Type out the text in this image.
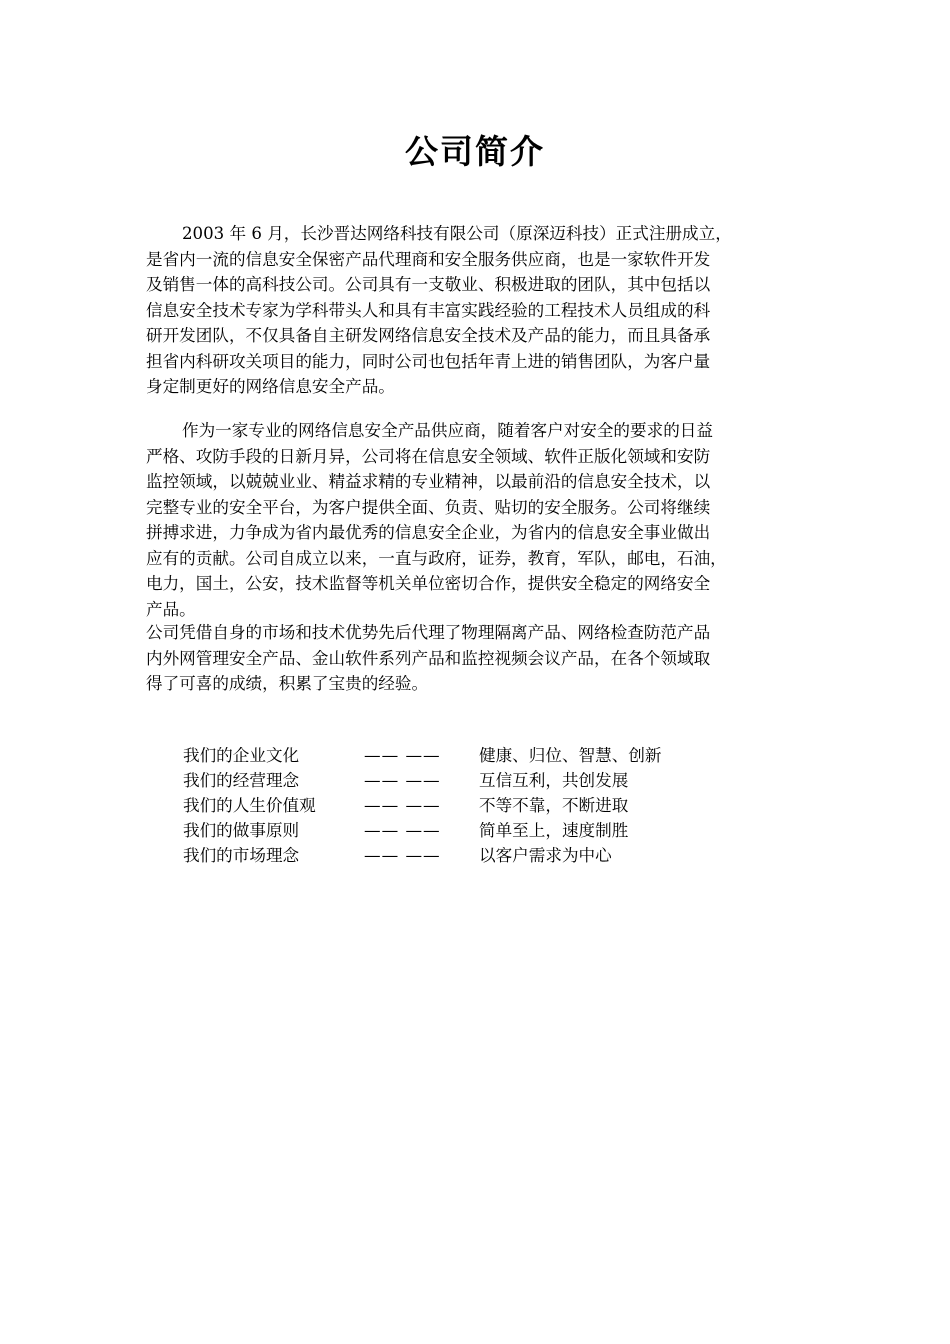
公司简介
2003 年 6 月，长沙晋达网络科技有限公司（原深迈科技）正式注册成立，
是省内一流的信息安全保密产品代理商和安全服务供应商，也是一家软件开发
及销售一体的高科技公司。公司具有一支敬业、积极进取的团队，其中包括以
信息安全技术专家为学科带头人和具有丰富实践经验的工程技术人员组成的科
研开发团队，不仅具备自主研发网络信息安全技术及产品的能力，而且具备承
担省内科研攻关项目的能力，同时公司也包括年青上进的销售团队，为客户量
身定制更好的网络信息安全产品。
作为一家专业的网络信息安全产品供应商，随着客户对安全的要求的日益
严格、攻防手段的日新月异，公司将在信息安全领域、软件正版化领域和安防
监控领域，以兢兢业业、精益求精的专业精神，以最前沿的信息安全技术，以
完整专业的安全平台，为客户提供全面、负责、贴切的安全服务。公司将继续
拼搏求进，力争成为省内最优秀的信息安全企业，为省内的信息安全事业做出
应有的贡献。公司自成立以来，一直与政府，证券，教育，军队，邮电，石油，
电力，国土，公安，技术监督等机关单位密切合作，提供安全稳定的网络安全
产品。
公司凭借自身的市场和技术优势先后代理了物理隔离产品、网络检查防范产品
内外网管理安全产品、金山软件系列产品和监控视频会议产品，在各个领域取
得了可喜的成绩，积累了宝贵的经验。
我们的企业文化	—— —— 健康、归位、智慧、创新
我们的经营理念	—— —— 互信互利，共创发展
我们的人生价值观	—— —— 不等不靠，不断进取
我们的做事原则	—— —— 简单至上，速度制胜
我们的市场理念	—— —— 以客户需求为中心
